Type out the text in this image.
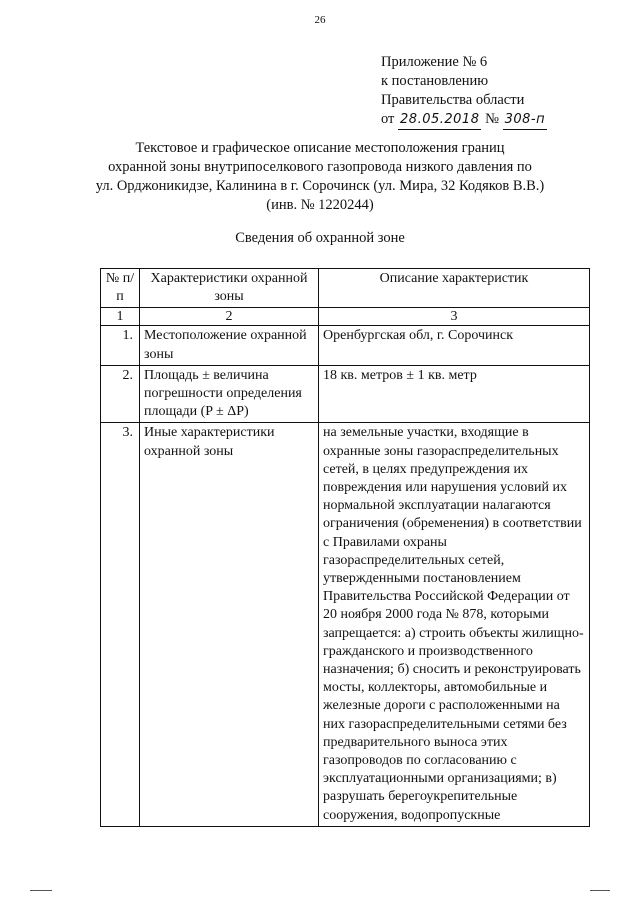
26
Приложение № 6
к постановлению
Правительства области
от 28.05.2018 № 308-п
Текстовое и графическое описание местоположения границ
охранной зоны внутрипоселкового газопровода низкого давления по
ул. Орджоникидзе, Калинина в г. Сорочинск (ул. Мира, 32 Кодяков В.В.)
(инв. № 1220244)
Сведения об охранной зоне
№ п/п	Характеристики охранной зоны	Описание характеристик
1	2	3
1.	Местоположение охранной зоны	Оренбургская обл, г. Сорочинск
2.	Площадь ± величина погрешности определения площади (P ± ΔP)	18 кв. метров ± 1 кв. метр
3.	Иные характеристики охранной зоны	на земельные участки, входящие в охранные зоны газораспределительных сетей, в целях предупреждения их повреждения или нарушения условий их нормальной эксплуатации налагаются ограничения (обременения) в соответствии с Правилами охраны газораспределительных сетей, утвержденными постановлением Правительства Российской Федерации от 20 ноября 2000 года № 878, которыми запрещается: а) строить объекты жилищно-гражданского и производственного назначения; б) сносить и реконструировать мосты, коллекторы, автомобильные и железные дороги с расположенными на них газораспределительными сетями без предварительного выноса этих газопроводов по согласованию с эксплуатационными организациями; в) разрушать берегоукрепительные сооружения, водопропускные
